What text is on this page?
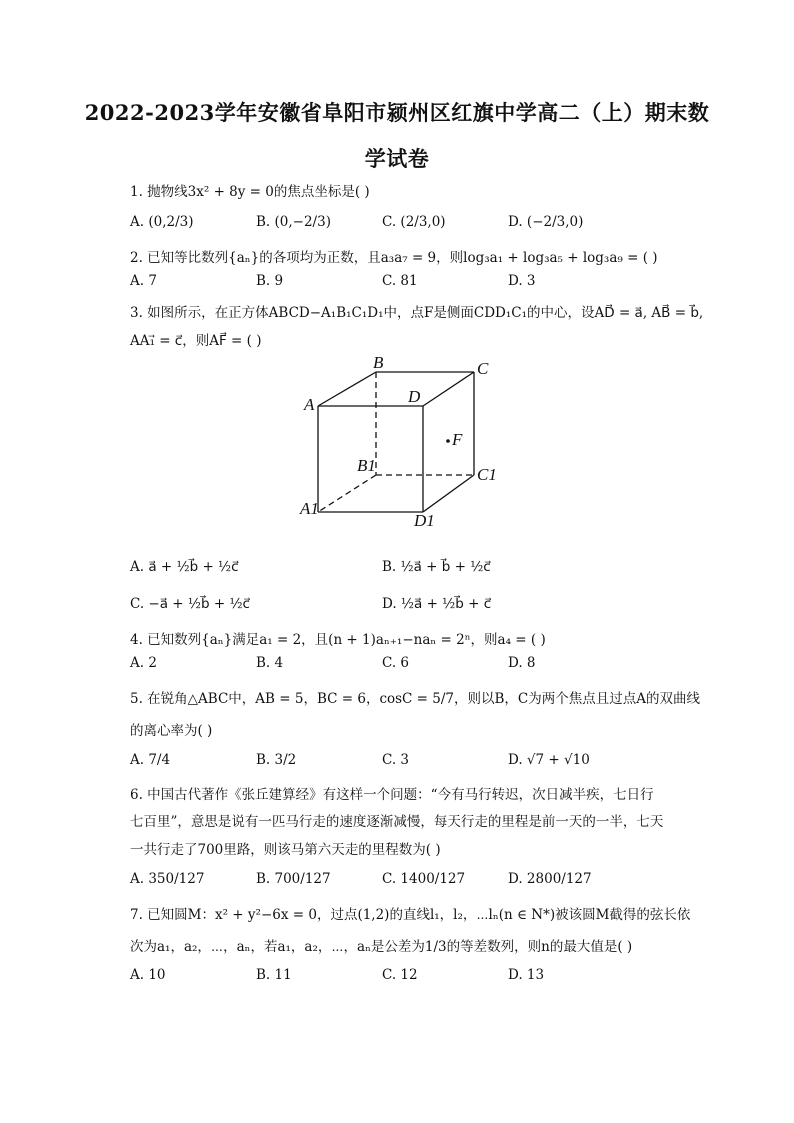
2022-2023学年安徽省阜阳市颍州区红旗中学高二（上）期末数
学试卷
1. 抛物线3x² + 8y = 0的焦点坐标是( )
A. (0,2/3)	B. (0,−2/3)	C. (2/3,0)	D. (−2/3,0)
2. 已知等比数列{aₙ}的各项均为正数，且a₃a₇ = 9，则log₃a₁ + log₃a₅ + log₃a₉ = ( )
A. 7	B. 9	C. 81	D. 3
3. 如图所示，在正方体ABCD−A₁B₁C₁D₁中，点F是侧面CDD₁C₁的中心，设AD⃗ = a⃗, AB⃗ = b⃗,
AA₁⃗ = c⃗，则AF⃗ = ( )
B	C
A	D
F
B1	C1
A1
D1
A. a⃗ + ½b⃗ + ½c⃗	B. ½a⃗ + b⃗ + ½c⃗
C. −a⃗ + ½b⃗ + ½c⃗	D. ½a⃗ + ½b⃗ + c⃗
4. 已知数列{aₙ}满足a₁ = 2，且(n + 1)aₙ₊₁−naₙ = 2ⁿ，则a₄ = ( )
A. 2	B. 4	C. 6	D. 8
5. 在锐角△ABC中，AB = 5，BC = 6，cosC = 5/7，则以B，C为两个焦点且过点A的双曲线
的离心率为( )
A. 7/4	B. 3/2	C. 3	D. √7 + √10
6. 中国古代著作《张丘建算经》有这样一个问题：“今有马行转迟，次日减半疾，七日行
七百里”，意思是说有一匹马行走的速度逐渐减慢，每天行走的里程是前一天的一半，七天
一共行走了700里路，则该马第六天走的里程数为( )
A. 350/127	B. 700/127	C. 1400/127	D. 2800/127
7. 已知圆M：x² + y²−6x = 0，过点(1,2)的直线l₁，l₂，⋯lₙ(n ∈ N*)被该圆M截得的弦长依
次为a₁，a₂，⋯，aₙ，若a₁，a₂，⋯，aₙ是公差为1/3的等差数列，则n的最大值是( )
A. 10	B. 11	C. 12	D. 13
